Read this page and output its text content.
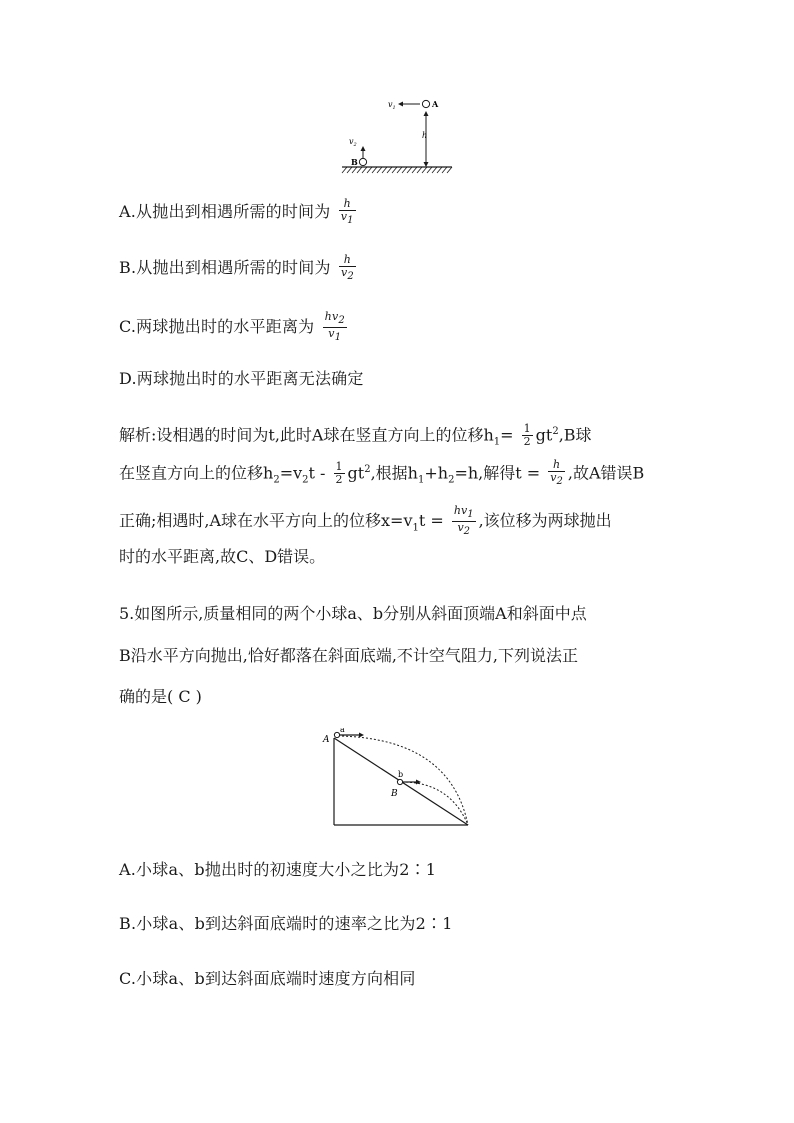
$v_1$	A
h
$v_2$
B
A.从抛出到相遇所需的时间为 $\frac{h}{v_1}$
B.从抛出到相遇所需的时间为 $\frac{h}{v_2}$
C.两球抛出时的水平距离为 $\frac{hv_2}{v_1}$
D.两球抛出时的水平距离无法确定
解析:设相遇的时间为t,此时A球在竖直方向上的位移$h_1= \frac{1}{2} gt^2,B$球
在竖直方向上的位移$h_2=v_2t - \frac{1}{2} gt^2$,根据$h_1+h_2=h$,解得$t = \frac{h}{v_2}$ ,故A错误B
正确;相遇时,A球在水平方向上的位移$x=v_1t = \frac{hv_1}{v_2}$ ,该位移为两球抛出
时的水平距离,故C、D错误。
5.如图所示,质量相同的两个小球a、b分别从斜面顶端A和斜面中点
B沿水平方向抛出,恰好都落在斜面底端,不计空气阻力,下列说法正
确的是( C )
a
A
b
B
A.小球a、b抛出时的初速度大小之比为2∶1
B.小球a、b到达斜面底端时的速率之比为2∶1
C.小球a、b到达斜面底端时速度方向相同
